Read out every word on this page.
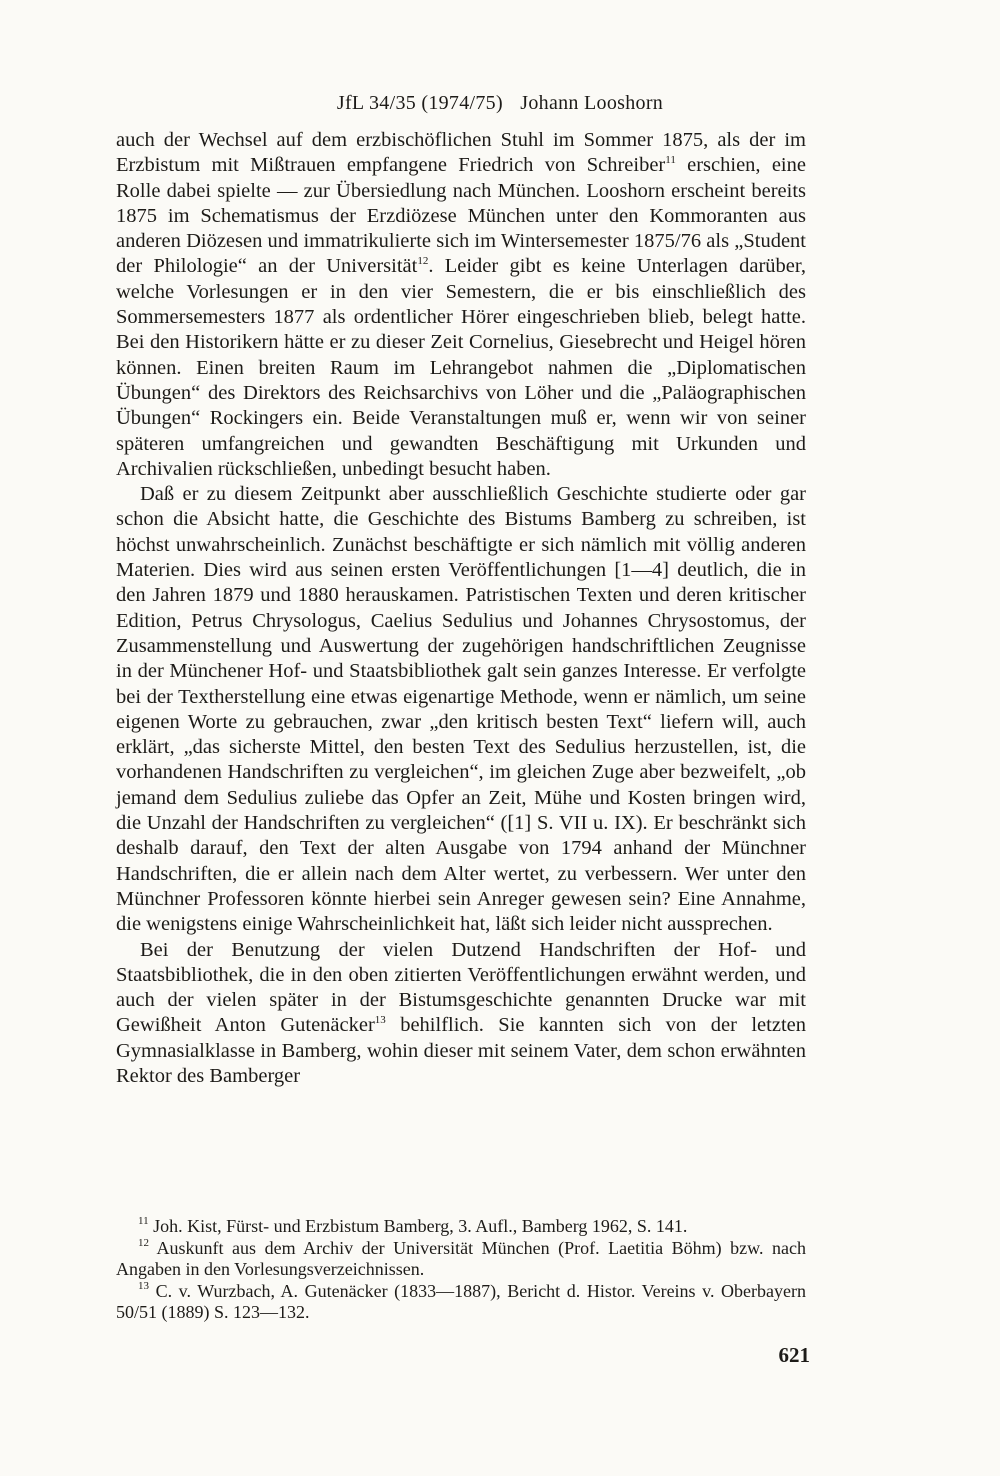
JfL 34/35 (1974/75) Johann Looshorn

auch der Wechsel auf dem erzbischöflichen Stuhl im Sommer 1875, als der im Erzbistum mit Mißtrauen empfangene Friedrich von Schreiber$^{11}$ erschien, eine Rolle dabei spielte — zur Übersiedlung nach München. Looshorn erscheint bereits 1875 im Schematismus der Erzdiözese München unter den Kommoranten aus anderen Diözesen und immatrikulierte sich im Wintersemester 1875/76 als „Student der Philologie“ an der Universität$^{12}$. Leider gibt es keine Unterlagen darüber, welche Vorlesungen er in den vier Semestern, die er bis einschließlich des Sommersemesters 1877 als ordentlicher Hörer eingeschrieben blieb, belegt hatte. Bei den Historikern hätte er zu dieser Zeit Cornelius, Giesebrecht und Heigel hören können. Einen breiten Raum im Lehrangebot nahmen die „Diplomatischen Übungen“ des Direktors des Reichsarchivs von Löher und die „Paläographischen Übungen“ Rockingers ein. Beide Veranstaltungen muß er, wenn wir von seiner späteren umfangreichen und gewandten Beschäftigung mit Urkunden und Archivalien rückschließen, unbedingt besucht haben.

Daß er zu diesem Zeitpunkt aber ausschließlich Geschichte studierte oder gar schon die Absicht hatte, die Geschichte des Bistums Bamberg zu schreiben, ist höchst unwahrscheinlich. Zunächst beschäftigte er sich nämlich mit völlig anderen Materien. Dies wird aus seinen ersten Veröffentlichungen [1—4] deutlich, die in den Jahren 1879 und 1880 herauskamen. Patristischen Texten und deren kritischer Edition, Petrus Chrysologus, Caelius Sedulius und Johannes Chrysostomus, der Zusammenstellung und Auswertung der zugehörigen handschriftlichen Zeugnisse in der Münchener Hof- und Staatsbibliothek galt sein ganzes Interesse. Er verfolgte bei der Textherstellung eine etwas eigenartige Methode, wenn er nämlich, um seine eigenen Worte zu gebrauchen, zwar „den kritisch besten Text“ liefern will, auch erklärt, „das sicherste Mittel, den besten Text des Sedulius herzustellen, ist, die vorhandenen Handschriften zu vergleichen“, im gleichen Zuge aber bezweifelt, „ob jemand dem Sedulius zuliebe das Opfer an Zeit, Mühe und Kosten bringen wird, die Unzahl der Handschriften zu vergleichen“ ([1] S. VII u. IX). Er beschränkt sich deshalb darauf, den Text der alten Ausgabe von 1794 anhand der Münchner Handschriften, die er allein nach dem Alter wertet, zu verbessern. Wer unter den Münchner Professoren könnte hierbei sein Anreger gewesen sein? Eine Annahme, die wenigstens einige Wahrscheinlichkeit hat, läßt sich leider nicht aussprechen.

Bei der Benutzung der vielen Dutzend Handschriften der Hof- und Staatsbibliothek, die in den oben zitierten Veröffentlichungen erwähnt werden, und auch der vielen später in der Bistumsgeschichte genannten Drucke war mit Gewißheit Anton Gutenäcker$^{13}$ behilflich. Sie kannten sich von der letzten Gymnasialklasse in Bamberg, wohin dieser mit seinem Vater, dem schon erwähnten Rektor des Bamberger

$^{11}$ Joh. Kist, Fürst- und Erzbistum Bamberg, 3. Aufl., Bamberg 1962, S. 141.

$^{12}$ Auskunft aus dem Archiv der Universität München (Prof. Laetitia Böhm) bzw. nach Angaben in den Vorlesungsverzeichnissen.

$^{13}$ C. v. Wurzbach, A. Gutenäcker (1833—1887), Bericht d. Histor. Vereins v. Oberbayern 50/51 (1889) S. 123—132.

621
